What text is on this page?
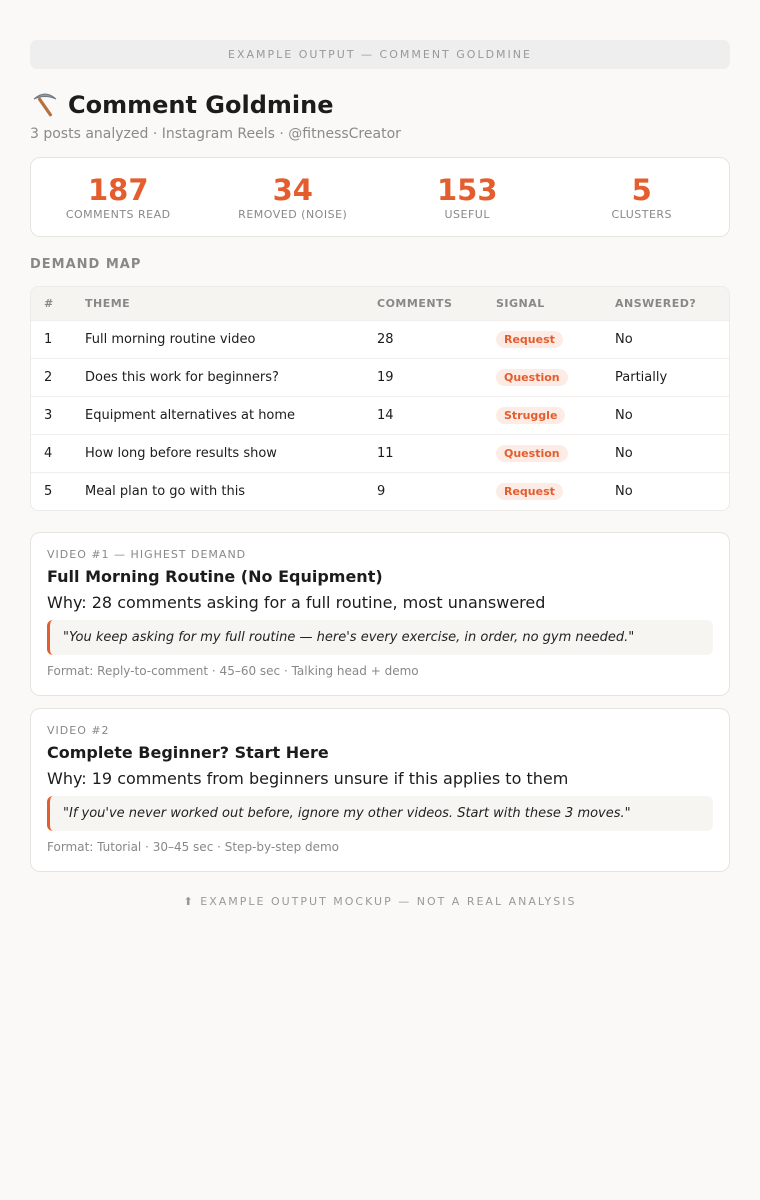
EXAMPLE OUTPUT — COMMENT GOLDMINE
Comment Goldmine
3 posts analyzed · Instagram Reels · @fitnessCreator
187
COMMENTS READ
34
REMOVED (NOISE)
153
USEFUL
5
CLUSTERS
DEMAND MAP
#	THEME	COMMENTS	SIGNAL	ANSWERED?
1	Full morning routine video	28	Request	No
2	Does this work for beginners?	19	Question	Partially
3	Equipment alternatives at home	14	Struggle	No
4	How long before results show	11	Question	No
5	Meal plan to go with this	9	Request	No
VIDEO #1 — HIGHEST DEMAND
Full Morning Routine (No Equipment)
Why: 28 comments asking for a full routine, most unanswered
"You keep asking for my full routine — here's every exercise, in order, no gym needed."
Format: Reply-to-comment · 45–60 sec · Talking head + demo
VIDEO #2
Complete Beginner? Start Here
Why: 19 comments from beginners unsure if this applies to them
"If you've never worked out before, ignore my other videos. Start with these 3 moves."
Format: Tutorial · 30–45 sec · Step-by-step demo
⬆ EXAMPLE OUTPUT MOCKUP — NOT A REAL ANALYSIS
